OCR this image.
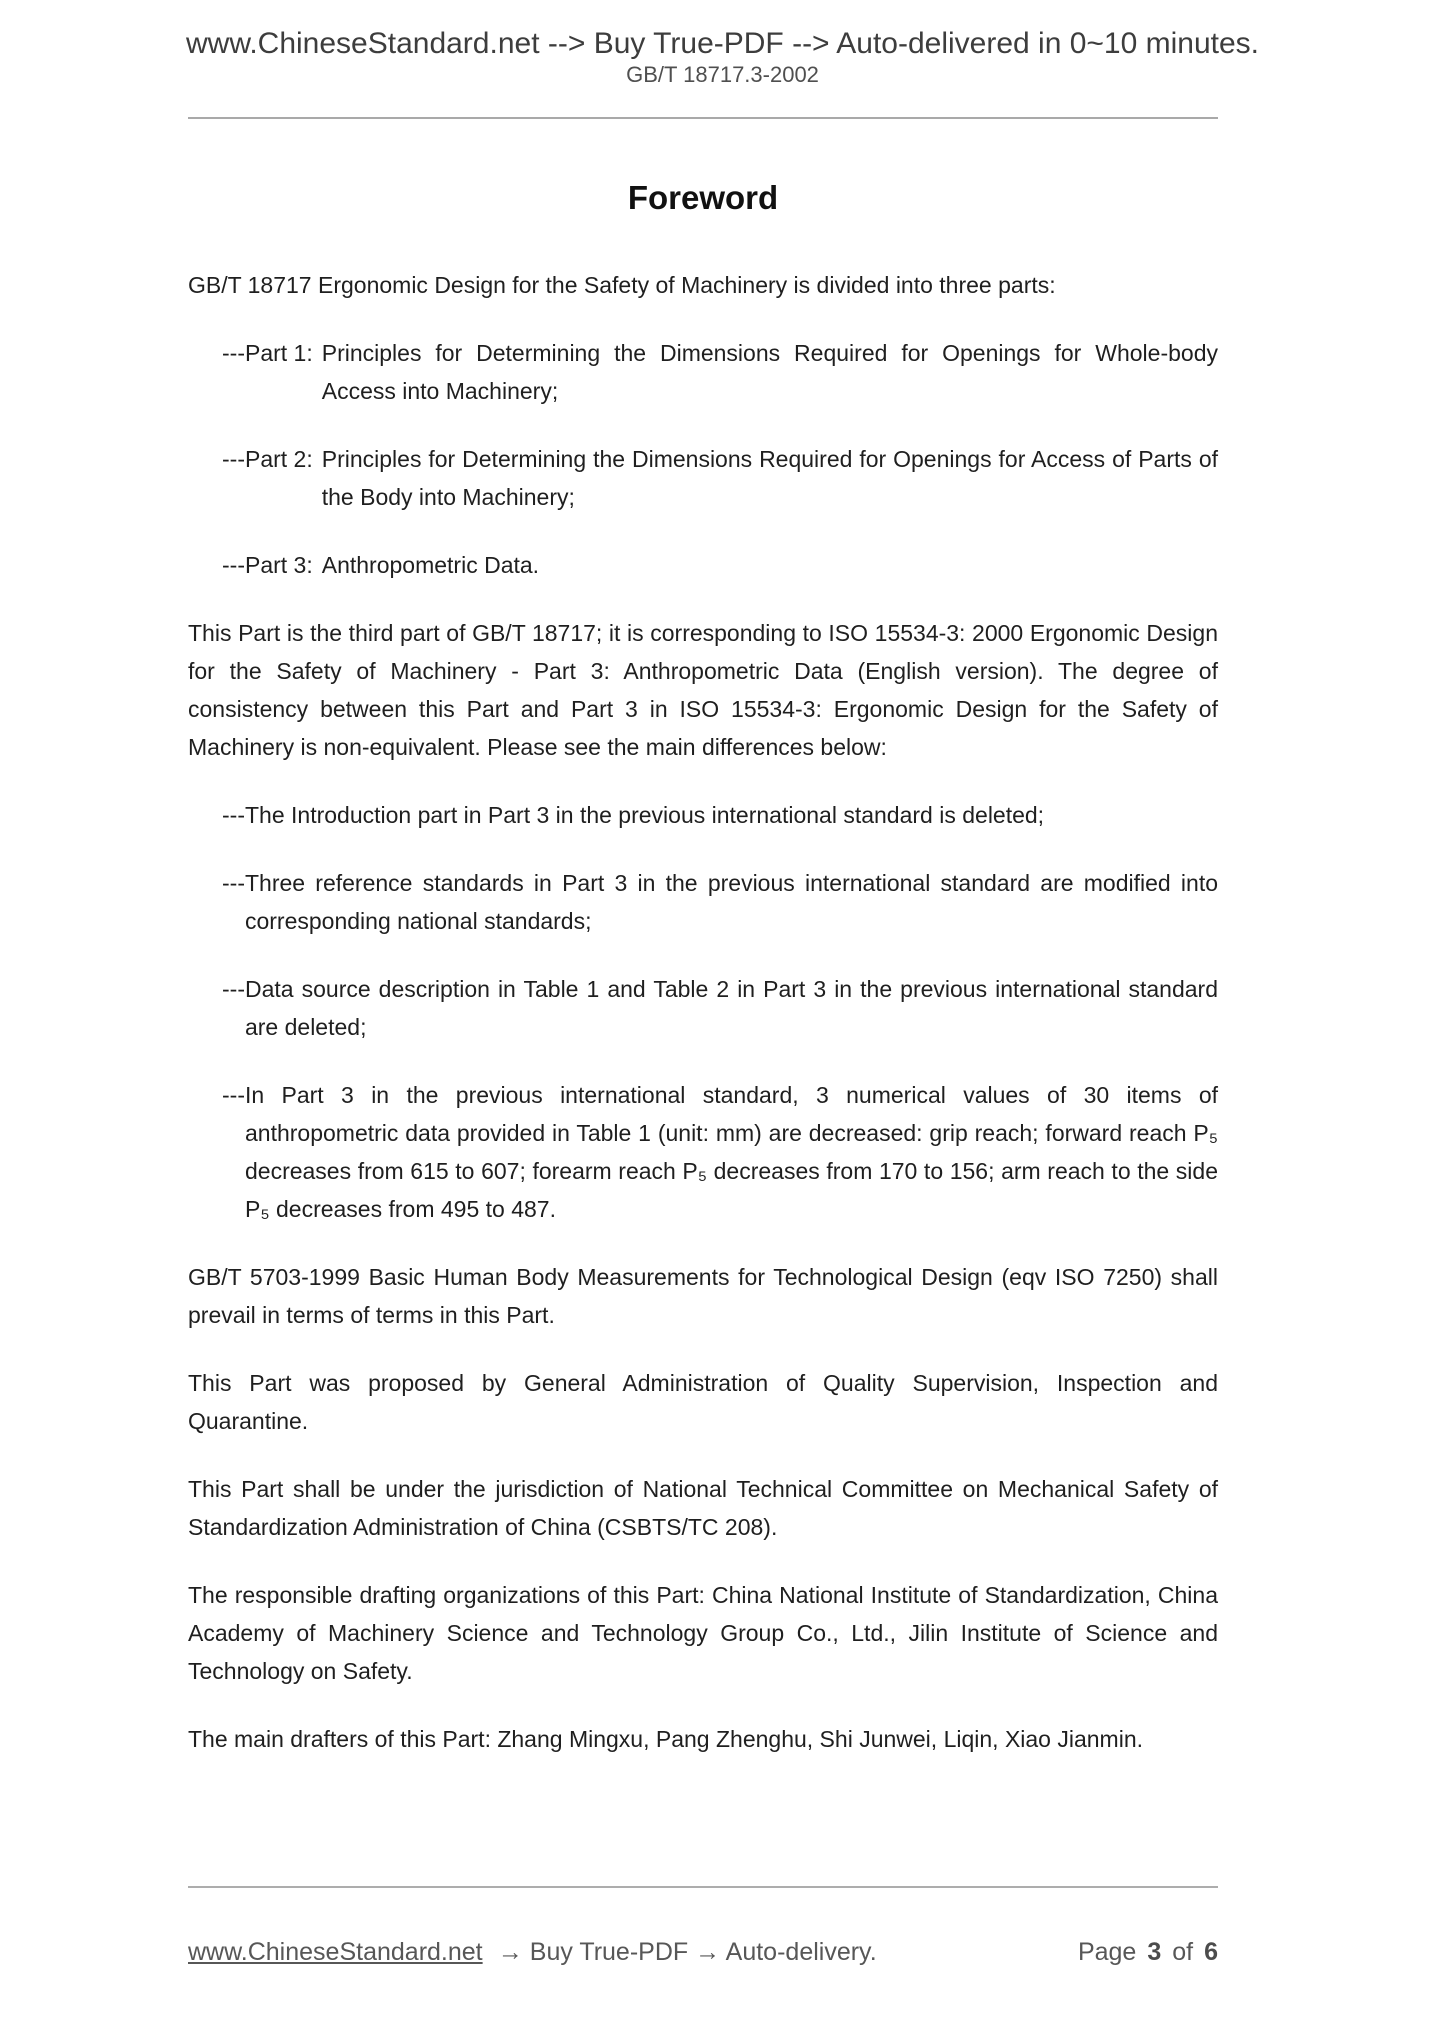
www.ChineseStandard.net --> Buy True-PDF --> Auto-delivered in 0~10 minutes.
GB/T 18717.3-2002
Foreword

GB/T 18717 Ergonomic Design for the Safety of Machinery is divided into three parts:

---Part 1: Principles for Determining the Dimensions Required for Openings for Whole-body Access into Machinery;
---Part 2: Principles for Determining the Dimensions Required for Openings for Access of Parts of the Body into Machinery;
---Part 3: Anthropometric Data.

This Part is the third part of GB/T 18717; it is corresponding to ISO 15534-3: 2000 Ergonomic Design for the Safety of Machinery - Part 3: Anthropometric Data (English version). The degree of consistency between this Part and Part 3 in ISO 15534-3: Ergonomic Design for the Safety of Machinery is non-equivalent. Please see the main differences below:

--- The Introduction part in Part 3 in the previous international standard is deleted;
--- Three reference standards in Part 3 in the previous international standard are modified into corresponding national standards;
--- Data source description in Table 1 and Table 2 in Part 3 in the previous international standard are deleted;
--- In Part 3 in the previous international standard, 3 numerical values of 30 items of anthropometric data provided in Table 1 (unit: mm) are decreased: grip reach; forward reach P₅ decreases from 615 to 607; forearm reach P₅ decreases from 170 to 156; arm reach to the side P₅ decreases from 495 to 487.

GB/T 5703-1999 Basic Human Body Measurements for Technological Design (eqv ISO 7250) shall prevail in terms of terms in this Part.

This Part was proposed by General Administration of Quality Supervision, Inspection and Quarantine.

This Part shall be under the jurisdiction of National Technical Committee on Mechanical Safety of Standardization Administration of China (CSBTS/TC 208).

The responsible drafting organizations of this Part: China National Institute of Standardization, China Academy of Machinery Science and Technology Group Co., Ltd., Jilin Institute of Science and Technology on Safety.

The main drafters of this Part: Zhang Mingxu, Pang Zhenghu, Shi Junwei, Liqin, Xiao Jianmin.

www.ChineseStandard.net → Buy True-PDF → Auto-delivery.	Page 3 of 6
